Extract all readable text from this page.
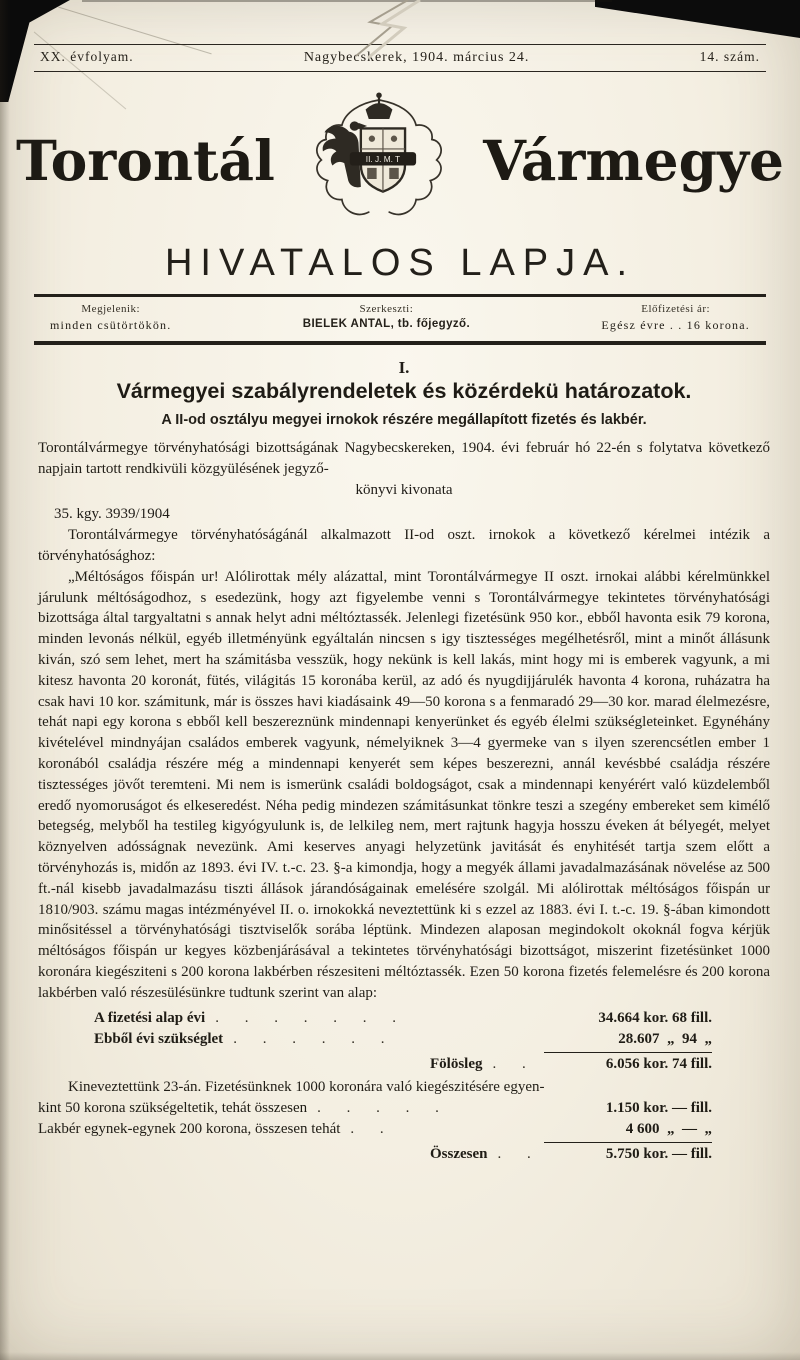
XX. évfolyam.	Nagybecskerek, 1904. március 24.	14. szám.
Torontál	II. J. M. T Vármegye
HIVATALOS LAPJA.
Megjelenik:
minden csütörtökön.
Szerkeszti:
BIELEK ANTAL, tb. főjegyző.
Előfizetési ár:
Egész évre . . 16 korona.
I.
Vármegyei szabályrendeletek és közérdekü határozatok.
A II-od osztályu megyei irnokok részére megállapított fizetés és lakbér.

Torontálvármegye törvényhatósági bizottságának Nagybecskereken, 1904. évi február hó 22-én s folytatva következő napjain tartott rendkivüli közgyülésének jegyző-

könyvi kivonata

35. kgy. 3939/1904

Torontálvármegye törvényhatóságánál alkalmazott II-od oszt. irnokok a következő kérelmei intézik a törvényhatósághoz:

„Méltóságos főispán ur! Alólirottak mély alázattal, mint Torontálvármegye II oszt. irnokai alábbi kérelmünkkel járulunk méltóságodhoz, s esedezünk, hogy azt figyelembe venni s Torontálvármegye tekintetes törvényhatósági bizottsága által targyaltatni s annak helyt adni méltóztassék. Jelenlegi fizetésünk 950 kor., ebből havonta esik 79 korona, minden levonás nélkül, egyéb illetményünk egyáltalán nincsen s igy tisztességes megélhetésről, mint a minőt állásunk kiván, szó sem lehet, mert ha számitásba vesszük, hogy nekünk is kell lakás, mint hogy mi is emberek vagyunk, a mi kitesz havonta 20 koronát, fütés, világitás 15 koronába kerül, az adó és nyugdijjárulék havonta 4 korona, ruházatra ha csak havi 10 kor. számitunk, már is összes havi kiadásaink 49—50 korona s a fenmaradó 29—30 kor. marad élelmezésre, tehát napi egy korona s ebből kell beszereznünk mindennapi kenyerünket és egyéb élelmi szükségleteinket. Egynéhány kivételével mindnyájan családos emberek vagyunk, némelyiknek 3—4 gyermeke van s ilyen szerencsétlen ember 1 koronából családja részére még a mindennapi kenyerét sem képes beszerezni, annál kevésbbé családja részére tisztességes jövőt teremteni. Mi nem is ismerünk családi boldogságot, csak a mindennapi kenyérért való küzdelemből eredő nyomoruságot és elkeseredést. Néha pedig mindezen számitásunkat tönkre teszi a szegény embereket sem kimélő betegség, melyből ha testileg kigyógyulunk is, de lelkileg nem, mert rajtunk hagyja hosszu éveken át bélyegét, melyet köznyelven adósságnak nevezünk. Ami keserves anyagi helyzetünk javitását és enyhitését tartja szem előtt a törvényhozás is, midőn az 1893. évi IV. t.-c. 23. §-a kimondja, hogy a megyék állami javadalmazásának növelése az 500 ft.-nál kisebb javadalmazásu tiszti állások járandóságainak emelésére szolgál. Mi alólirottak méltóságos főispán ur 1810/903. számu magas intézményével II. o. irnokokká neveztettünk ki s ezzel az 1883. évi I. t.-c. 19. §-ában kimondott minősitéssel a törvényhatósági tisztviselők sorába léptünk. Mindezen alaposan megindokolt okoknál fogva kérjük méltóságos főispán ur kegyes közbenjárásával a tekintetes törvényhatósági bizottságot, miszerint fizetésünket 1000 koronára kiegésziteni s 200 korona lakbérben részesiteni méltóztassék. Ezen 50 korona fizetés felemelésre és 200 korona lakbérben való részesülésünkre tudtunk szerint van alap:

A fizetési alap évi . . . . . . .	34.664 kor. 68 fill.
Ebből évi szükséglet . . . . . .	28.607  „  94  „
Fölösleg . .	6.056 kor. 74 fill.

Kineveztettünk 23-án. Fizetésünknek 1000 koronára való kiegészitésére egyen-

kint 50 korona szükségeltetik, tehát összesen . . . . .	1.150 kor. — fill.
Lakbér egynek-egynek 200 korona, összesen tehát . .	4 600  „  —  „
Összesen . .	5.750 kor. — fill.
